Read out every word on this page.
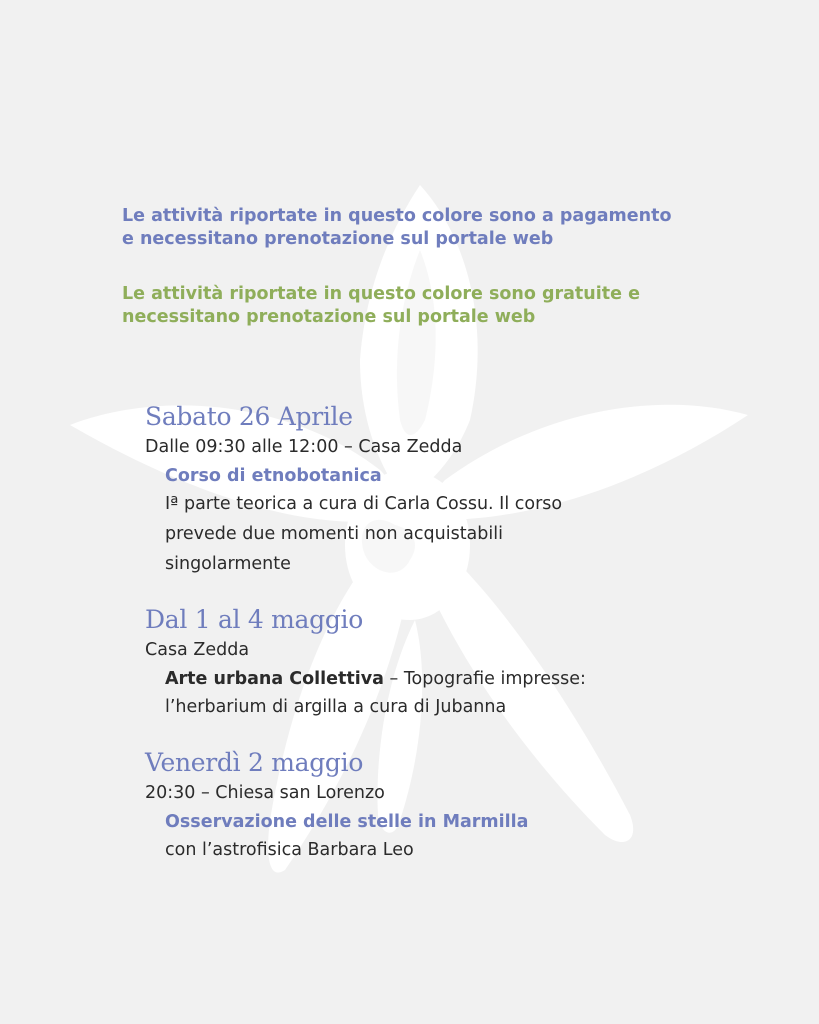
Le attività riportate in questo colore sono a pagamento
e necessitano prenotazione sul portale web
Le attività riportate in questo colore sono gratuite e
necessitano prenotazione sul portale web
Sabato 26 Aprile
Dalle 09:30 alle 12:00 – Casa Zedda
Corso di etnobotanica
Iª parte teorica a cura di Carla Cossu. Il corso
prevede due momenti non acquistabili
singolarmente
Dal 1 al 4 maggio
Casa Zedda
Arte urbana Collettiva – Topografie impresse:
l’herbarium di argilla a cura di Jubanna
Venerdì 2 maggio
20:30 – Chiesa san Lorenzo
Osservazione delle stelle in Marmilla
con l’astrofisica Barbara Leo
